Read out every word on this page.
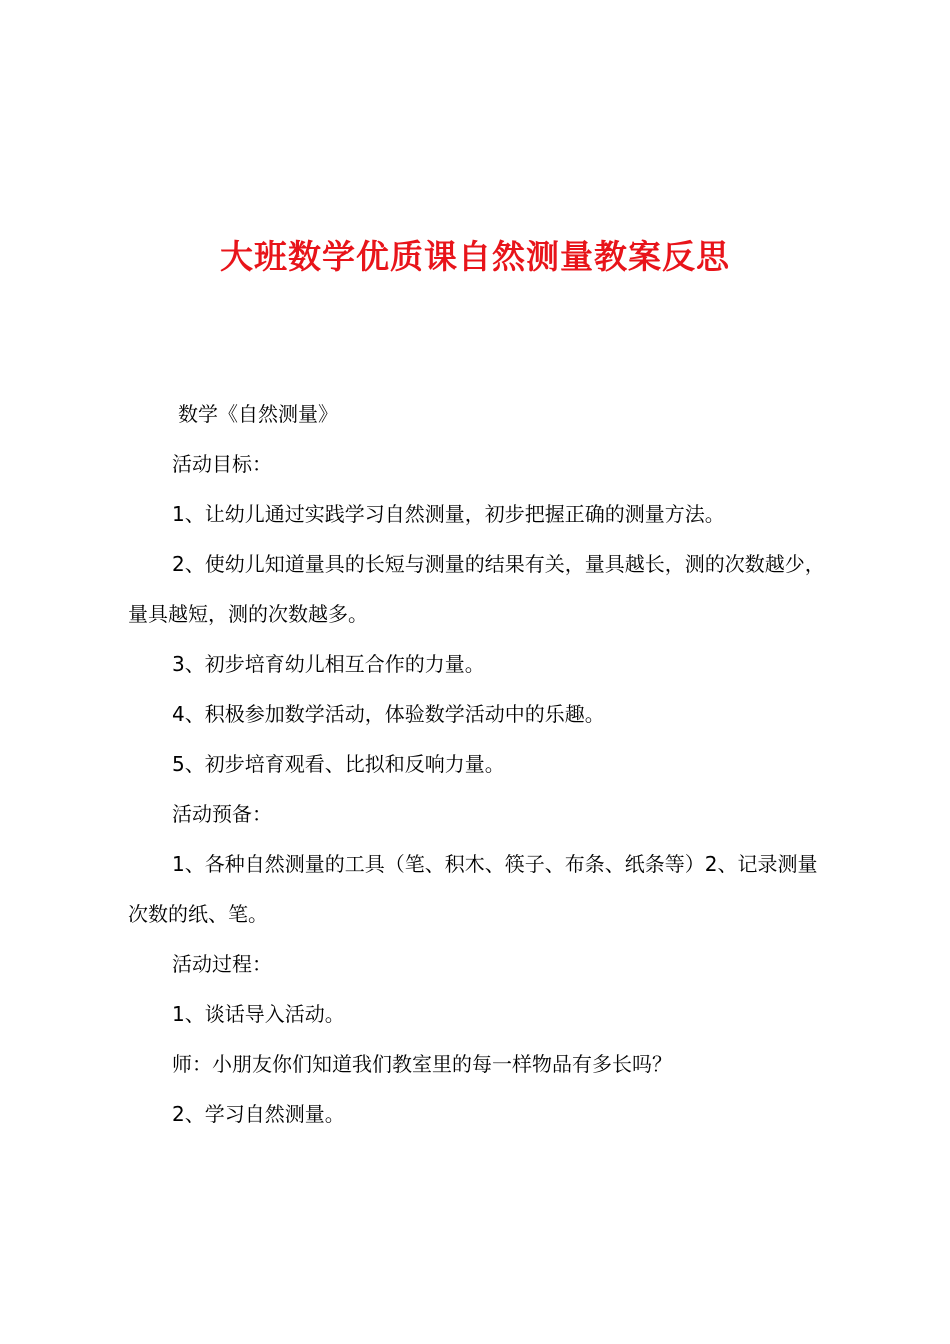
大班数学优质课自然测量教案反思

数学《自然测量》

活动目标：

1、让幼儿通过实践学习自然测量，初步把握正确的测量方法。

2、使幼儿知道量具的长短与测量的结果有关，量具越长，测的次数越少，量具越短，测的次数越多。

3、初步培育幼儿相互合作的力量。

4、积极参加数学活动，体验数学活动中的乐趣。

5、初步培育观看、比拟和反响力量。

活动预备：

1、各种自然测量的工具（笔、积木、筷子、布条、纸条等）2、记录测量次数的纸、笔。

活动过程：

1、谈话导入活动。

师：小朋友你们知道我们教室里的每一样物品有多长吗？

2、学习自然测量。
